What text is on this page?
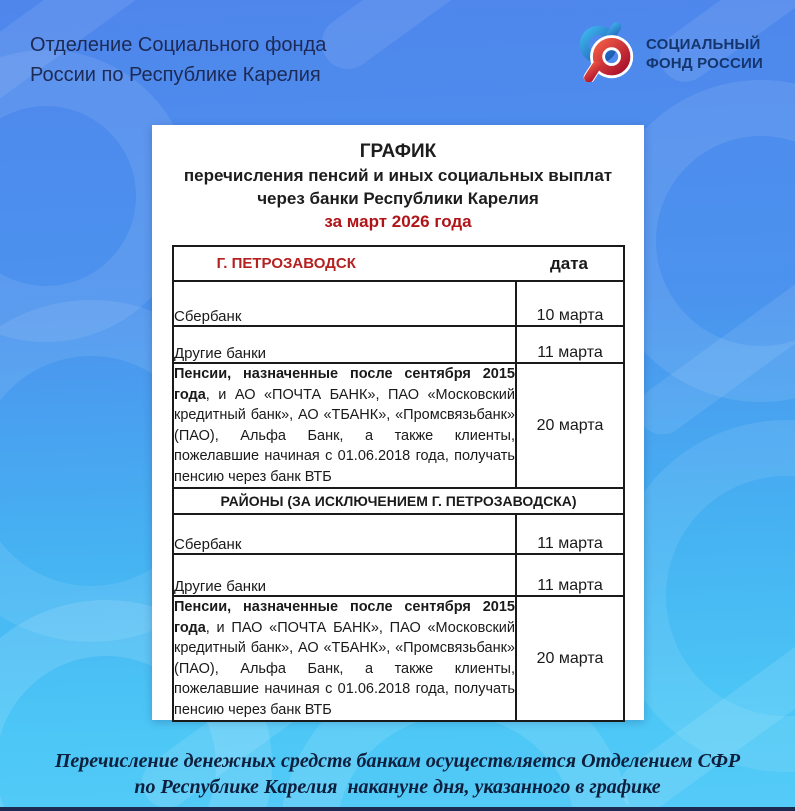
Отделение Социального фонда
России по Республике Карелия
СОЦИАЛЬНЫЙ
ФОНД РОССИИ
ГРАФИК
перечисления пенсий и иных социальных выплат
через банки Республики Карелия
за март 2026 года
Г. ПЕТРОЗАВОДСК дата	

Сбербанк	10 марта
Другие банки	11 марта
Пенсии, назначенные после сентября 2015 года, и АО «ПОЧТА БАНК», ПАО «Московский кредитный банк», АО «ТБАНК», «Промсвязьбанк» (ПАО), Альфа Банк, а также клиенты, пожелавшие начиная с 01.06.2018 года, получать пенсию через банк ВТБ	20 марта
РАЙОНЫ (ЗА ИСКЛЮЧЕНИЕМ Г. ПЕТРОЗАВОДСКА)	
Сбербанк	11 марта
Другие банки	11 марта
Пенсии, назначенные после сентября 2015 года, и ПАО «ПОЧТА БАНК», ПАО «Московский кредитный банк», АО «ТБАНК», «Промсвязьбанк» (ПАО), Альфа Банк, а также клиенты, пожелавшие начиная с 01.06.2018 года, получать пенсию через банк ВТБ	20 марта
Перечисление денежных средств банкам осуществляется Отделением СФР
по Республике Карелия  накануне дня, указанного в графике
